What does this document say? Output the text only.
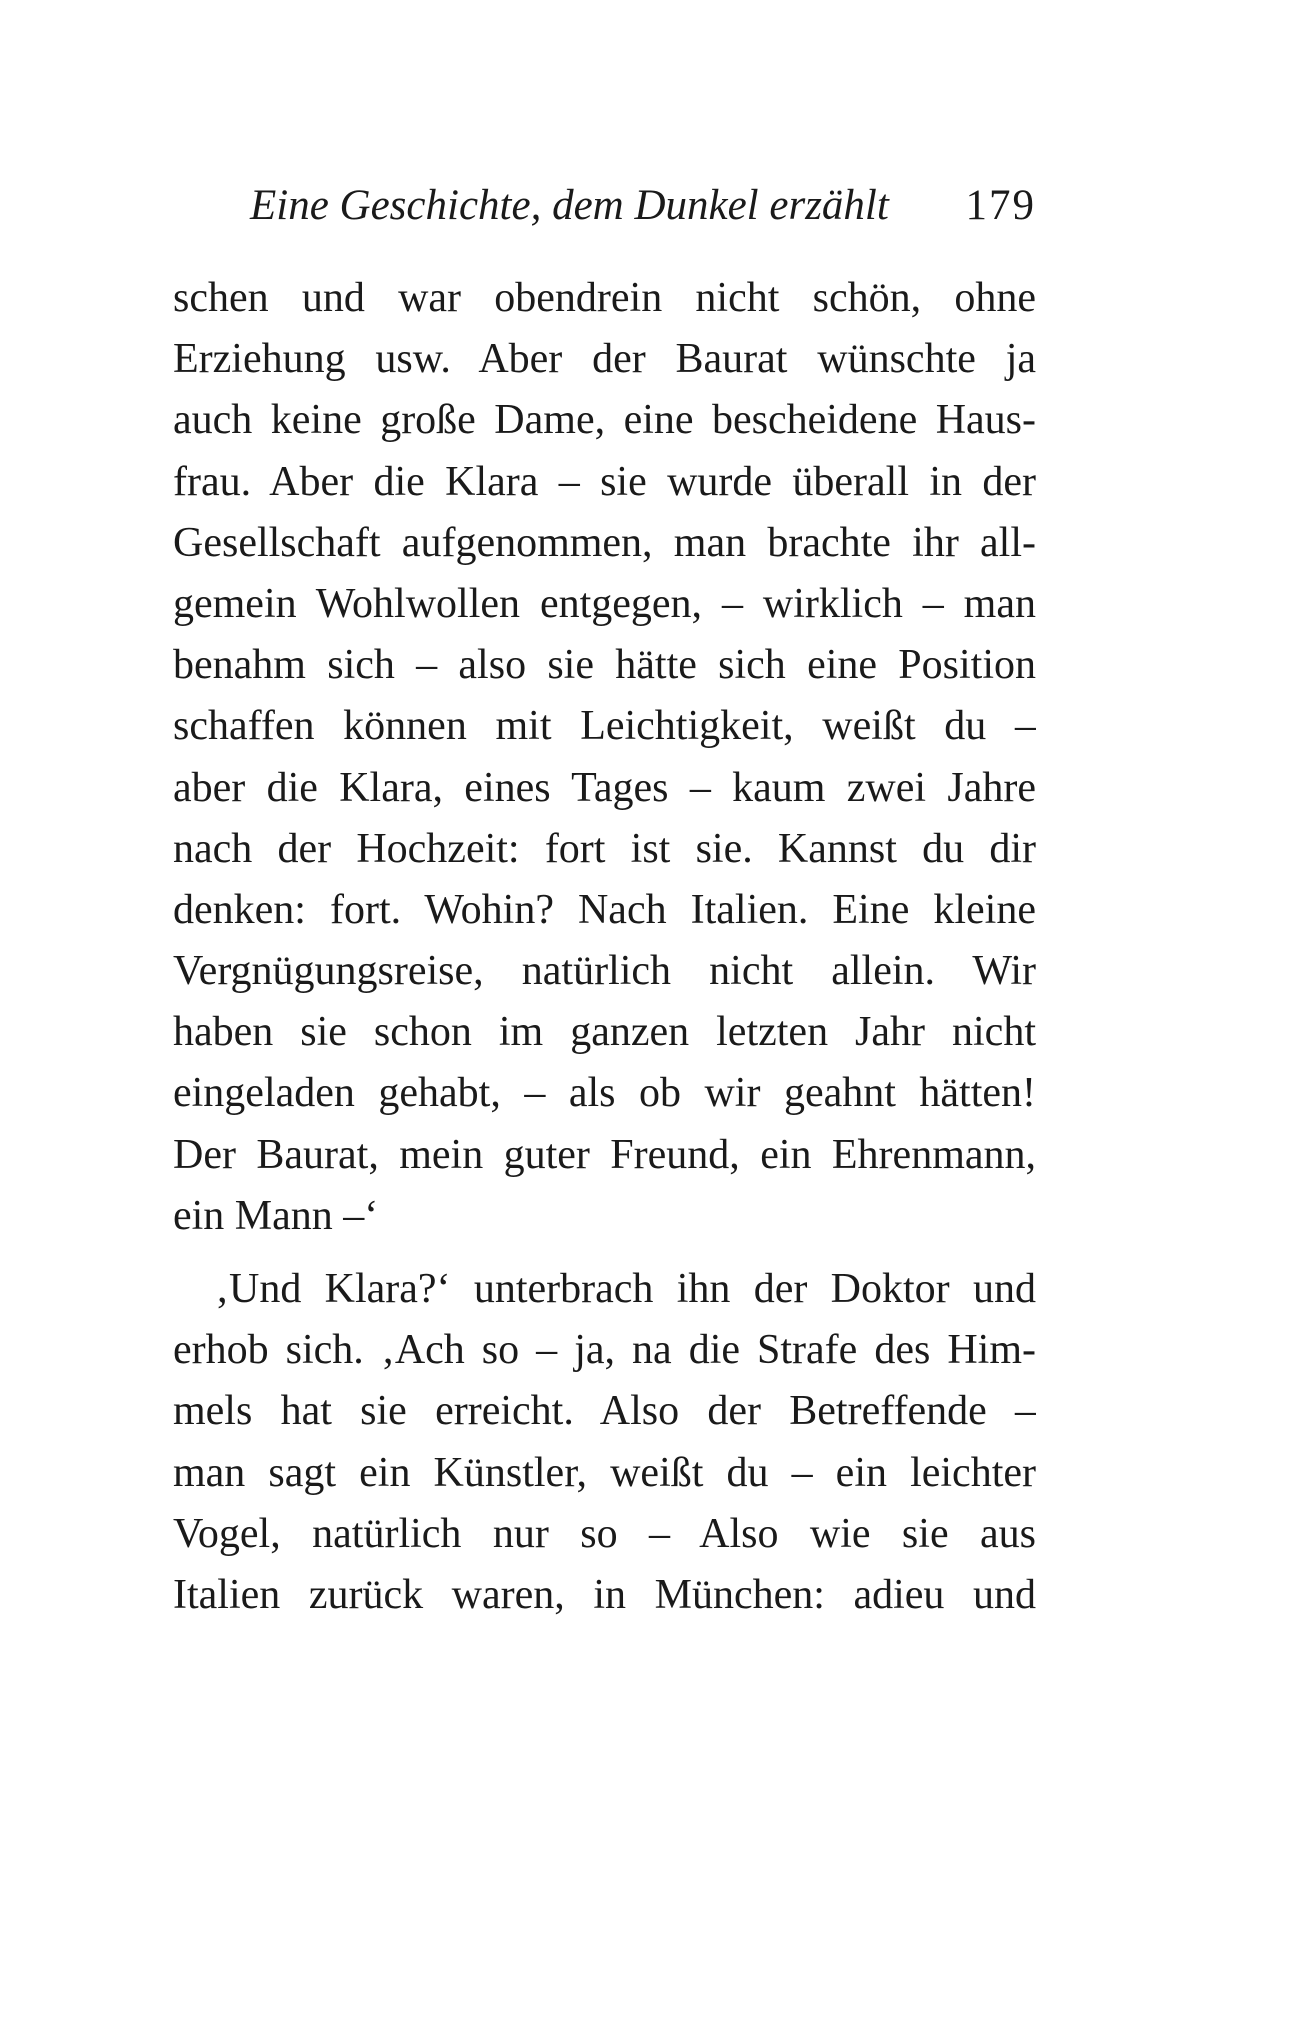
Eine Geschichte, dem Dunkel erzählt 179
schen und war obendrein nicht schön, ohne
Erziehung usw. Aber der Baurat wünschte ja
auch keine große Dame, eine bescheidene Haus-
frau. Aber die Klara – sie wurde überall in der
Gesellschaft aufgenommen, man brachte ihr all-
gemein Wohlwollen entgegen, – wirklich – man
benahm sich – also sie hätte sich eine Position
schaffen können mit Leichtigkeit, weißt du –
aber die Klara, eines Tages – kaum zwei Jahre
nach der Hochzeit: fort ist sie. Kannst du dir
denken: fort. Wohin? Nach Italien. Eine kleine
Vergnügungsreise, natürlich nicht allein. Wir
haben sie schon im ganzen letzten Jahr nicht
eingeladen gehabt, – als ob wir geahnt hätten!
Der Baurat, mein guter Freund, ein Ehrenmann,
ein Mann –‘
‚Und Klara?‘ unterbrach ihn der Doktor und
erhob sich. ‚Ach so – ja, na die Strafe des Him-
mels hat sie erreicht. Also der Betreffende –
man sagt ein Künstler, weißt du – ein leichter
Vogel, natürlich nur so – Also wie sie aus
Italien zurück waren, in München: adieu und
